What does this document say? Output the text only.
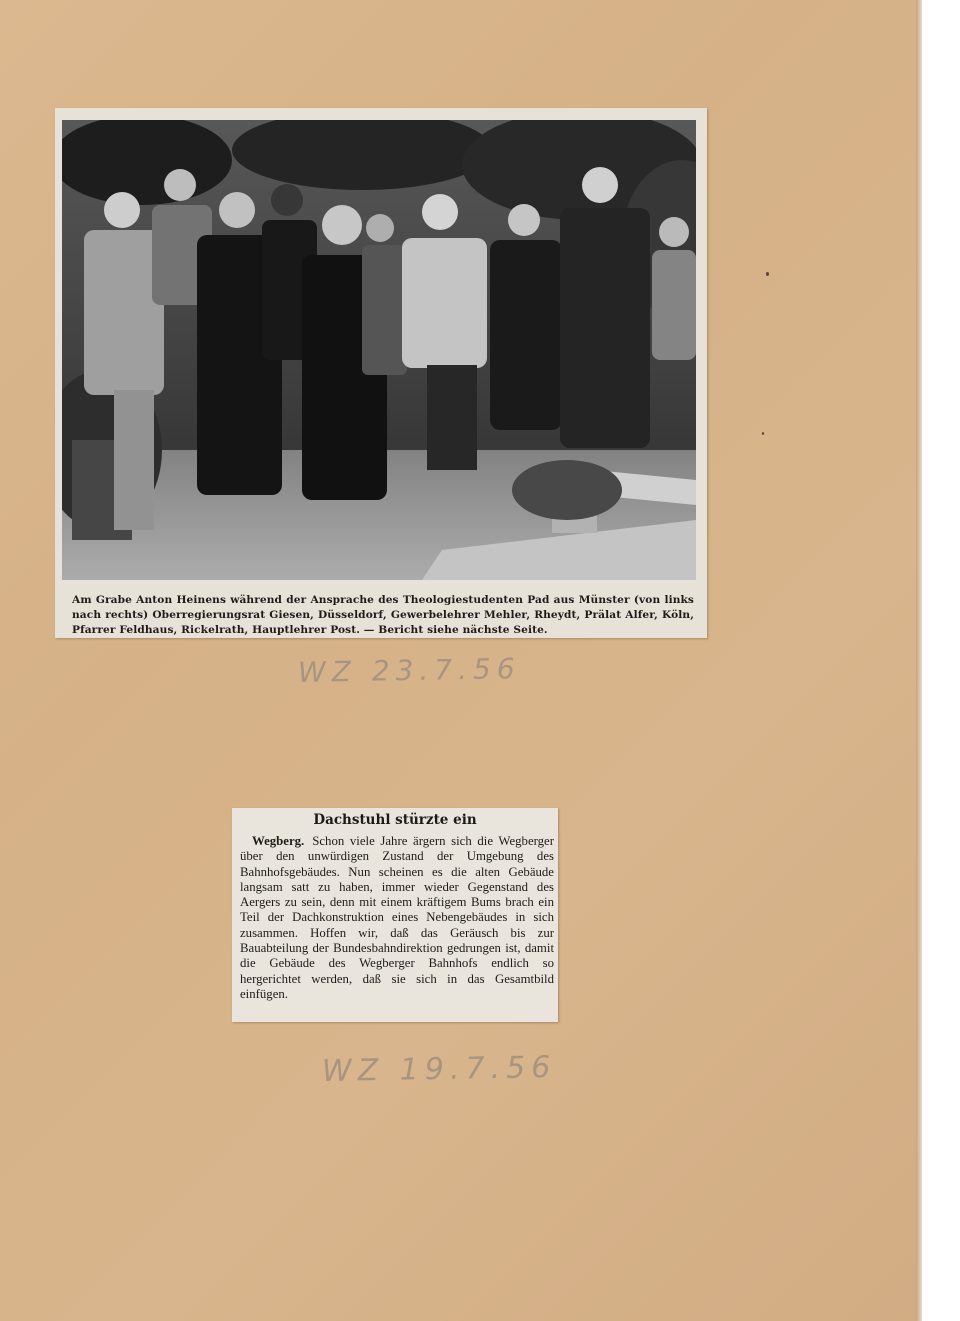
Am Grabe Anton Heinens während der Ansprache des Theologiestudenten Pad aus Münster (von links nach rechts) Oberregierungsrat Giesen, Düsseldorf, Gewerbelehrer Mehler, Rheydt, Prälat Alfer, Köln, Pfarrer Feldhaus, Rickelrath, Hauptlehrer Post. — Bericht siehe nächste Seite.
WZ 23.7.56
Dachstuhl stürzte ein
Wegberg. Schon viele Jahre ärgern sich die Wegberger über den unwürdigen Zustand der Umgebung des Bahnhofsgebäudes. Nun scheinen es die alten Gebäude langsam satt zu haben, immer wieder Gegenstand des Aergers zu sein, denn mit einem kräftigem Bums brach ein Teil der Dachkonstruktion eines Nebengebäudes in sich zusammen. Hoffen wir, daß das Geräusch bis zur Bauabteilung der Bundesbahndirektion gedrungen ist, damit die Gebäude des Wegberger Bahnhofs endlich so hergerichtet werden, daß sie sich in das Gesamtbild einfügen.
WZ 19.7.56
